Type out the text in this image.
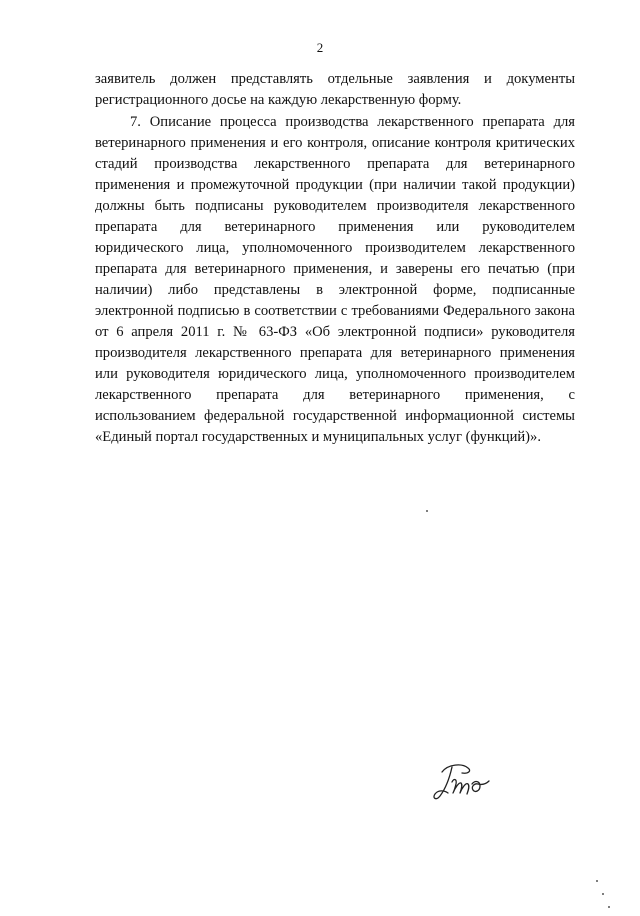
2
заявитель должен представлять отдельные заявления и документы
регистрационного досье на каждую лекарственную форму.
7. Описание процесса производства лекарственного препарата для
ветеринарного применения и его контроля, описание контроля критических
стадий производства лекарственного препарата для ветеринарного
применения и промежуточной продукции (при наличии такой продукции)
должны быть подписаны руководителем производителя лекарственного
препарата для ветеринарного применения или руководителем
юридического лица, уполномоченного производителем лекарственного
препарата для ветеринарного применения, и заверены его печатью (при
наличии) либо представлены в электронной форме, подписанные
электронной подписью в соответствии с требованиями Федерального закона
от 6 апреля 2011 г. № 63-ФЗ «Об электронной подписи» руководителя
производителя лекарственного препарата для ветеринарного применения
или руководителя юридического лица, уполномоченного производителем
лекарственного препарата для ветеринарного применения, с
использованием федеральной государственной информационной системы
«Единый портал государственных и муниципальных услуг (функций)».
